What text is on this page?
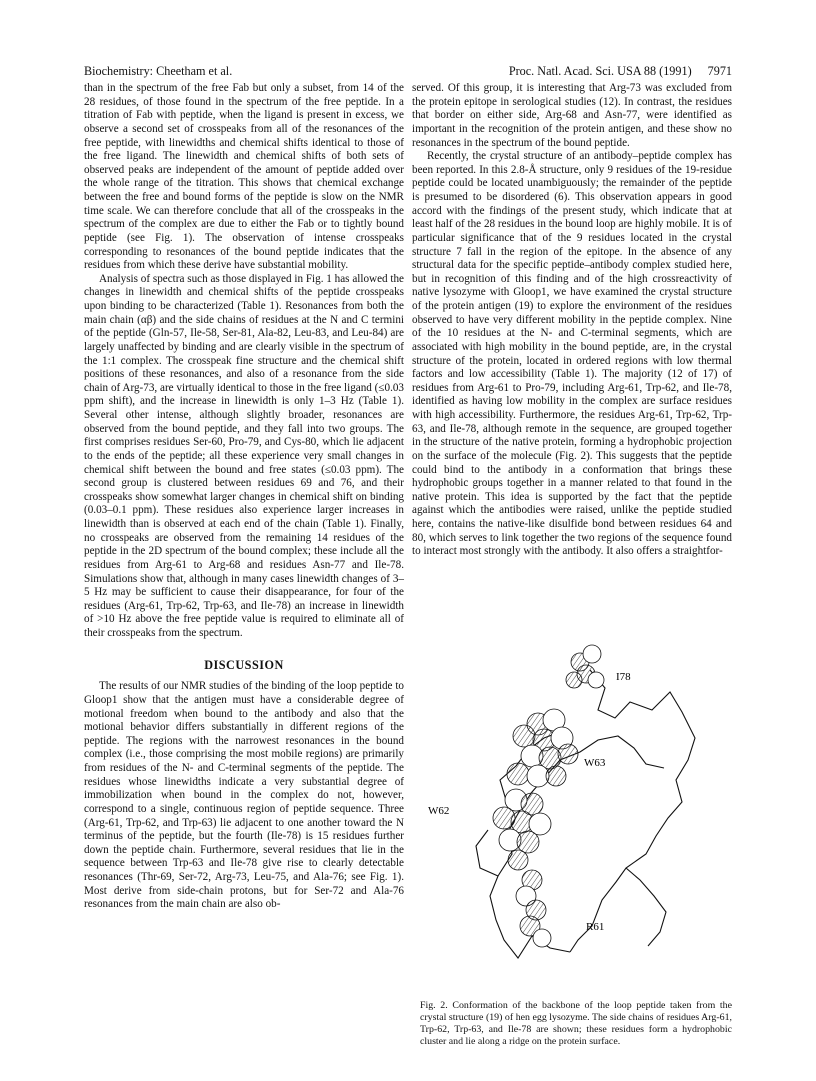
Biochemistry: Cheetham et al.	Proc. Natl. Acad. Sci. USA 88 (1991) 7971

than in the spectrum of the free Fab but only a subset, from 14 of the 28 residues, of those found in the spectrum of the free peptide. In a titration of Fab with peptide, when the ligand is present in excess, we observe a second set of crosspeaks from all of the resonances of the free peptide, with linewidths and chemical shifts identical to those of the free ligand. The linewidth and chemical shifts of both sets of observed peaks are independent of the amount of peptide added over the whole range of the titration. This shows that chemical exchange between the free and bound forms of the peptide is slow on the NMR time scale. We can therefore conclude that all of the crosspeaks in the spectrum of the complex are due to either the Fab or to tightly bound peptide (see Fig. 1). The observation of intense crosspeaks corresponding to resonances of the bound peptide indicates that the residues from which these derive have substantial mobility.

Analysis of spectra such as those displayed in Fig. 1 has allowed the changes in linewidth and chemical shifts of the peptide crosspeaks upon binding to be characterized (Table 1). Resonances from both the main chain (αβ) and the side chains of residues at the N and C termini of the peptide (Gln-57, Ile-58, Ser-81, Ala-82, Leu-83, and Leu-84) are largely unaffected by binding and are clearly visible in the spectrum of the 1:1 complex. The crosspeak fine structure and the chemical shift positions of these resonances, and also of a resonance from the side chain of Arg-73, are virtually identical to those in the free ligand (≤0.03 ppm shift), and the increase in linewidth is only 1–3 Hz (Table 1). Several other intense, although slightly broader, resonances are observed from the bound peptide, and they fall into two groups. The first comprises residues Ser-60, Pro-79, and Cys-80, which lie adjacent to the ends of the peptide; all these experience very small changes in chemical shift between the bound and free states (≤0.03 ppm). The second group is clustered between residues 69 and 76, and their crosspeaks show somewhat larger changes in chemical shift on binding (0.03–0.1 ppm). These residues also experience larger increases in linewidth than is observed at each end of the chain (Table 1). Finally, no crosspeaks are observed from the remaining 14 residues of the peptide in the 2D spectrum of the bound complex; these include all the residues from Arg-61 to Arg-68 and residues Asn-77 and Ile-78. Simulations show that, although in many cases linewidth changes of 3–5 Hz may be sufficient to cause their disappearance, for four of the residues (Arg-61, Trp-62, Trp-63, and Ile-78) an increase in linewidth of >10 Hz above the free peptide value is required to eliminate all of their crosspeaks from the spectrum.

DISCUSSION

The results of our NMR studies of the binding of the loop peptide to Gloop1 show that the antigen must have a considerable degree of motional freedom when bound to the antibody and also that the motional behavior differs substantially in different regions of the peptide. The regions with the narrowest resonances in the bound complex (i.e., those comprising the most mobile regions) are primarily from residues of the N- and C-terminal segments of the peptide. The residues whose linewidths indicate a very substantial degree of immobilization when bound in the complex do not, however, correspond to a single, continuous region of peptide sequence. Three (Arg-61, Trp-62, and Trp-63) lie adjacent to one another toward the N terminus of the peptide, but the fourth (Ile-78) is 15 residues further down the peptide chain. Furthermore, several residues that lie in the sequence between Trp-63 and Ile-78 give rise to clearly detectable resonances (Thr-69, Ser-72, Arg-73, Leu-75, and Ala-76; see Fig. 1). Most derive from side-chain protons, but for Ser-72 and Ala-76 resonances from the main chain are also ob-

served. Of this group, it is interesting that Arg-73 was excluded from the protein epitope in serological studies (12). In contrast, the residues that border on either side, Arg-68 and Asn-77, were identified as important in the recognition of the protein antigen, and these show no resonances in the spectrum of the bound peptide.

Recently, the crystal structure of an antibody–peptide complex has been reported. In this 2.8-Å structure, only 9 residues of the 19-residue peptide could be located unambiguously; the remainder of the peptide is presumed to be disordered (6). This observation appears in good accord with the findings of the present study, which indicate that at least half of the 28 residues in the bound loop are highly mobile. It is of particular significance that of the 9 residues located in the crystal structure 7 fall in the region of the epitope. In the absence of any structural data for the specific peptide–antibody complex studied here, but in recognition of this finding and of the high crossreactivity of native lysozyme with Gloop1, we have examined the crystal structure of the protein antigen (19) to explore the environment of the residues observed to have very different mobility in the peptide complex. Nine of the 10 residues at the N- and C-terminal segments, which are associated with high mobility in the bound peptide, are, in the crystal structure of the protein, located in ordered regions with low thermal factors and low accessibility (Table 1). The majority (12 of 17) of residues from Arg-61 to Pro-79, including Arg-61, Trp-62, and Ile-78, identified as having low mobility in the complex are surface residues with high accessibility. Furthermore, the residues Arg-61, Trp-62, Trp-63, and Ile-78, although remote in the sequence, are grouped together in the structure of the native protein, forming a hydrophobic projection on the surface of the molecule (Fig. 2). This suggests that the peptide could bind to the antibody in a conformation that brings these hydrophobic groups together in a manner related to that found in the native protein. This idea is supported by the fact that the peptide against which the antibodies were raised, unlike the peptide studied here, contains the native-like disulfide bond between residues 64 and 80, which serves to link together the two regions of the sequence found to interact most strongly with the antibody. It also offers a straightfor-

I78
W63
W62
R61
Fig. 2. Conformation of the backbone of the loop peptide taken from the crystal structure (19) of hen egg lysozyme. The side chains of residues Arg-61, Trp-62, Trp-63, and Ile-78 are shown; these residues form a hydrophobic cluster and lie along a ridge on the protein surface.
